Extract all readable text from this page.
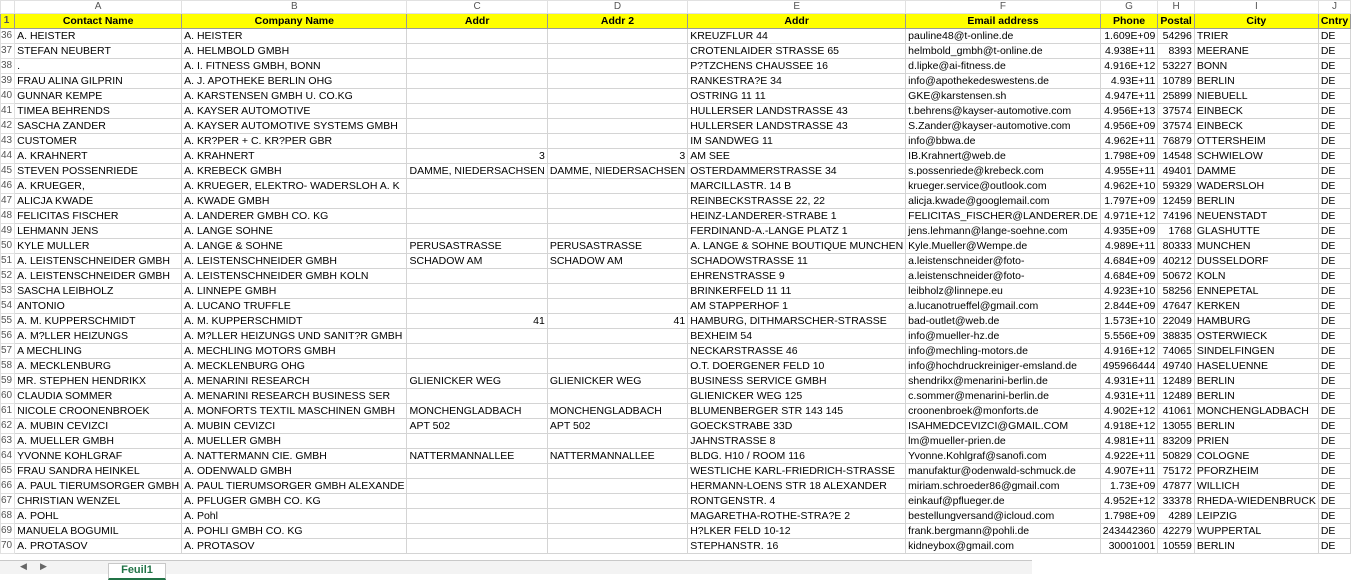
	A	B	C	D	E	F	G	H	I	J
1	Contact Name	Company Name	Addr	Addr 2	Addr	Email address	Phone	Postal	City	Cntry
36	A. HEISTER	A. HEISTER			KREUZFLUR 44	pauline48@t-online.de	1.609E+09	54296	TRIER	DE
37	STEFAN NEUBERT	A. HELMBOLD GMBH			CROTENLAIDER STRASSE 65	helmbold_gmbh@t-online.de	4.938E+11	8393	MEERANE	DE
38	.	A. I. FITNESS GMBH, BONN			P?TZCHENS CHAUSSEE 16	d.lipke@ai-fitness.de	4.916E+12	53227	BONN	DE
39	FRAU ALINA GILPRIN	A. J. APOTHEKE BERLIN OHG			RANKESTRA?E 34	info@apothekedeswestens.de	4.93E+11	10789	BERLIN	DE
40	GUNNAR KEMPE	A. KARSTENSEN GMBH U. CO.KG			OSTRING 11 11	GKE@karstensen.sh	4.947E+11	25899	NIEBUELL	DE
41	TIMEA BEHRENDS	A. KAYSER AUTOMOTIVE			HULLERSER LANDSTRASSE 43	t.behrens@kayser-automotive.com	4.956E+13	37574	EINBECK	DE
42	SASCHA ZANDER	A. KAYSER AUTOMOTIVE SYSTEMS GMBH			HULLERSER LANDSTRASSE 43	S.Zander@kayser-automotive.com	4.956E+09	37574	EINBECK	DE
43	CUSTOMER	A. KR?PER + C. KR?PER GBR			IM SANDWEG 11	info@bbwa.de	4.962E+11	76879	OTTERSHEIM	DE
44	A. KRAHNERT	A. KRAHNERT	3	3	AM SEE	IB.Krahnert@web.de	1.798E+09	14548	SCHWIELOW	DE
45	STEVEN POSSENRIEDE	A. KREBECK GMBH	DAMME, NIEDERSACHSEN	DAMME, NIEDERSACHSEN	OSTERDAMMERSTRASSE 34	s.possenriede@krebeck.com	4.955E+11	49401	DAMME	DE
46	A. KRUEGER,	A. KRUEGER, ELEKTRO- WADERSLOH A. K			MARCILLASTR. 14 B	krueger.service@outlook.com	4.962E+10	59329	WADERSLOH	DE
47	ALICJA KWADE	A. KWADE GMBH			REINBECKSTRASSE 22, 22	alicja.kwade@googlemail.com	1.797E+09	12459	BERLIN	DE
48	FELICITAS FISCHER	A. LANDERER GMBH CO. KG			HEINZ-LANDERER-STRABE 1	FELICITAS_FISCHER@LANDERER.DE	4.971E+12	74196	NEUENSTADT	DE
49	LEHMANN JENS	A. LANGE SOHNE			FERDINAND-A.-LANGE PLATZ 1	jens.lehmann@lange-soehne.com	4.935E+09	1768	GLASHUTTE	DE
50	KYLE MULLER	A. LANGE & SOHNE	PERUSASTRASSE	PERUSASTRASSE	A. LANGE & SOHNE BOUTIQUE MUNCHEN	Kyle.Mueller@Wempe.de	4.989E+11	80333	MUNCHEN	DE
51	A. LEISTENSCHNEIDER GMBH	A. LEISTENSCHNEIDER GMBH	SCHADOW AM	SCHADOW AM	SCHADOWSTRASSE 11	a.leistenschneider@foto-	4.684E+09	40212	DUSSELDORF	DE
52	A. LEISTENSCHNEIDER GMBH	A. LEISTENSCHNEIDER GMBH KOLN			EHRENSTRASSE 9	a.leistenschneider@foto-	4.684E+09	50672	KOLN	DE
53	SASCHA LEIBHOLZ	A. LINNEPE GMBH			BRINKERFELD 11 11	leibholz@linnepe.eu	4.923E+10	58256	ENNEPETAL	DE
54	ANTONIO	A. LUCANO TRUFFLE			AM STAPPERHOF 1	a.lucanotrueffel@gmail.com	2.844E+09	47647	KERKEN	DE
55	A. M. KUPPERSCHMIDT	A. M. KUPPERSCHMIDT	41	41	HAMBURG, DITHMARSCHER-STRASSE	bad-outlet@web.de	1.573E+10	22049	HAMBURG	DE
56	A. M?LLER HEIZUNGS	A. M?LLER HEIZUNGS UND SANIT?R GMBH			BEXHEIM 54	info@mueller-hz.de	5.556E+09	38835	OSTERWIECK	DE
57	A MECHLING	A. MECHLING MOTORS GMBH			NECKARSTRASSE 46	info@mechling-motors.de	4.916E+12	74065	SINDELFINGEN	DE
58	A. MECKLENBURG	A. MECKLENBURG OHG			O.T. DOERGENER FELD 10	info@hochdruckreiniger-emsland.de	495966444	49740	HASELUENNE	DE
59	MR. STEPHEN HENDRIKX	A. MENARINI RESEARCH	GLIENICKER WEG	GLIENICKER WEG	BUSINESS SERVICE GMBH	shendrikx@menarini-berlin.de	4.931E+11	12489	BERLIN	DE
60	CLAUDIA SOMMER	A. MENARINI RESEARCH BUSINESS SER			GLIENICKER WEG 125	c.sommer@menarini-berlin.de	4.931E+11	12489	BERLIN	DE
61	NICOLE CROONENBROEK	A. MONFORTS TEXTIL MASCHINEN GMBH	MONCHENGLADBACH	MONCHENGLADBACH	BLUMENBERGER STR 143 145	croonenbroek@monforts.de	4.902E+12	41061	MONCHENGLADBACH	DE
62	A. MUBIN CEVIZCI	A. MUBIN CEVIZCI	APT 502	APT 502	GOECKSTRABE 33D	ISAHMEDCEVIZCI@GMAIL.COM	4.918E+12	13055	BERLIN	DE
63	A. MUELLER GMBH	A. MUELLER GMBH			JAHNSTRASSE 8	lm@mueller-prien.de	4.981E+11	83209	PRIEN	DE
64	YVONNE KOHLGRAF	A. NATTERMANN CIE. GMBH	NATTERMANNALLEE	NATTERMANNALLEE	BLDG. H10 / ROOM 116	Yvonne.Kohlgraf@sanofi.com	4.922E+11	50829	COLOGNE	DE
65	FRAU SANDRA HEINKEL	A. ODENWALD GMBH			WESTLICHE KARL-FRIEDRICH-STRASSE	manufaktur@odenwald-schmuck.de	4.907E+11	75172	PFORZHEIM	DE
66	A. PAUL TIERUMSORGER GMBH	A. PAUL TIERUMSORGER GMBH ALEXANDE			HERMANN-LOENS STR 18 ALEXANDER	miriam.schroeder86@gmail.com	1.73E+09	47877	WILLICH	DE
67	CHRISTIAN WENZEL	A. PFLUGER GMBH CO. KG			RONTGENSTR. 4	einkauf@pflueger.de	4.952E+12	33378	RHEDA-WIEDENBRUCK	DE
68	A. POHL	A. Pohl			MAGARETHA-ROTHE-STRA?E 2	bestellungversand@icloud.com	1.798E+09	4289	LEIPZIG	DE
69	MANUELA BOGUMIL	A. POHLI GMBH CO. KG			H?LKER FELD 10-12	frank.bergmann@pohli.de	243442360	42279	WUPPERTAL	DE
70	A. PROTASOV	A. PROTASOV			STEPHANSTR. 16	kidneybox@gmail.com	30001001	10559	BERLIN	DE
◀ ▶	Feuil1
